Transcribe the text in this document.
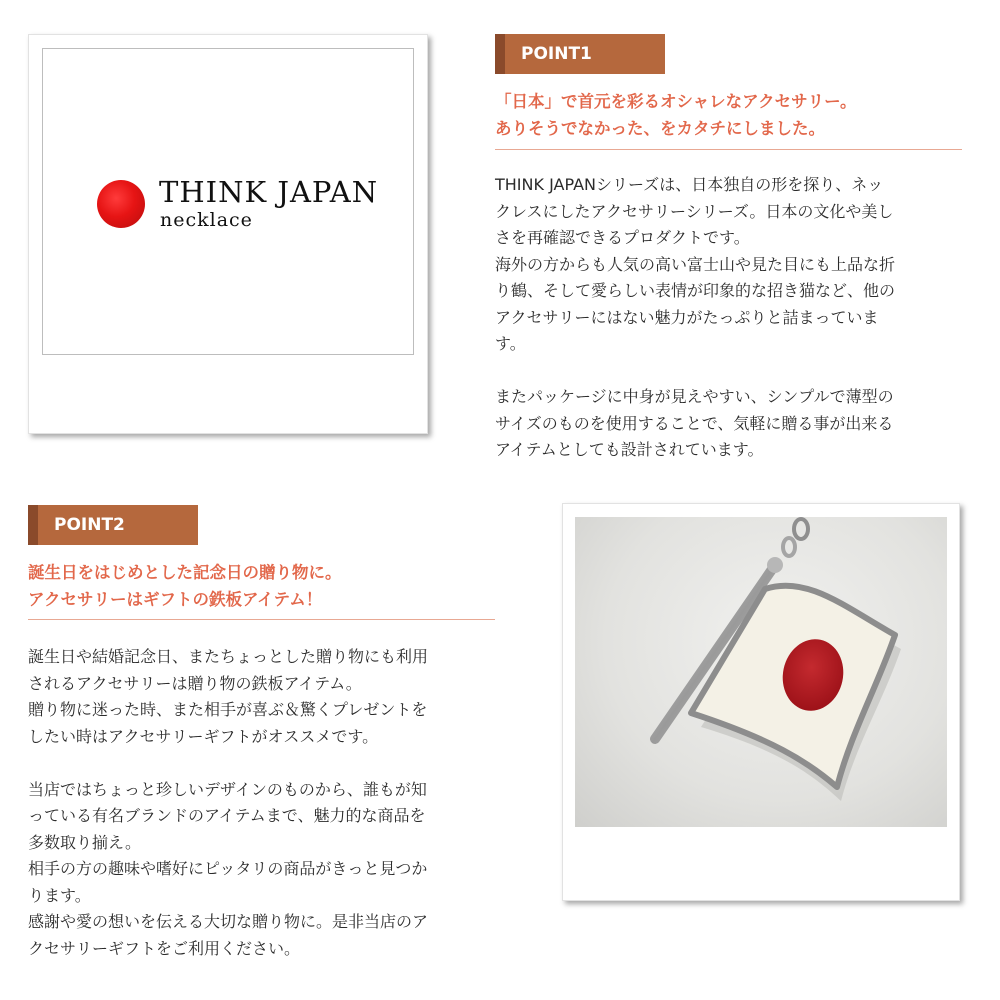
THINK JAPAN
necklace
POINT1
「日本」で首元を彩るオシャレなアクセサリー。
ありそうでなかった、をカタチにしました。

THINK JAPANシリーズは、日本独自の形を探り、ネッ

クレスにしたアクセサリーシリーズ。日本の文化や美し

さを再確認できるプロダクトです。

海外の方からも人気の高い富士山や見た目にも上品な折

り鶴、そして愛らしい表情が印象的な招き猫など、他の

アクセサリーにはない魅力がたっぷりと詰まっていま

す。

またパッケージに中身が見えやすい、シンプルで薄型の

サイズのものを使用することで、気軽に贈る事が出来る

アイテムとしても設計されています。

POINT2
誕生日をはじめとした記念日の贈り物に。
アクセサリーはギフトの鉄板アイテム！

誕生日や結婚記念日、またちょっとした贈り物にも利用

されるアクセサリーは贈り物の鉄板アイテム。

贈り物に迷った時、また相手が喜ぶ＆驚くプレゼントを

したい時はアクセサリーギフトがオススメです。

当店ではちょっと珍しいデザインのものから、誰もが知

っている有名ブランドのアイテムまで、魅力的な商品を

多数取り揃え。

相手の方の趣味や嗜好にピッタリの商品がきっと見つか

ります。

感謝や愛の想いを伝える大切な贈り物に。是非当店のア

クセサリーギフトをご利用ください。
